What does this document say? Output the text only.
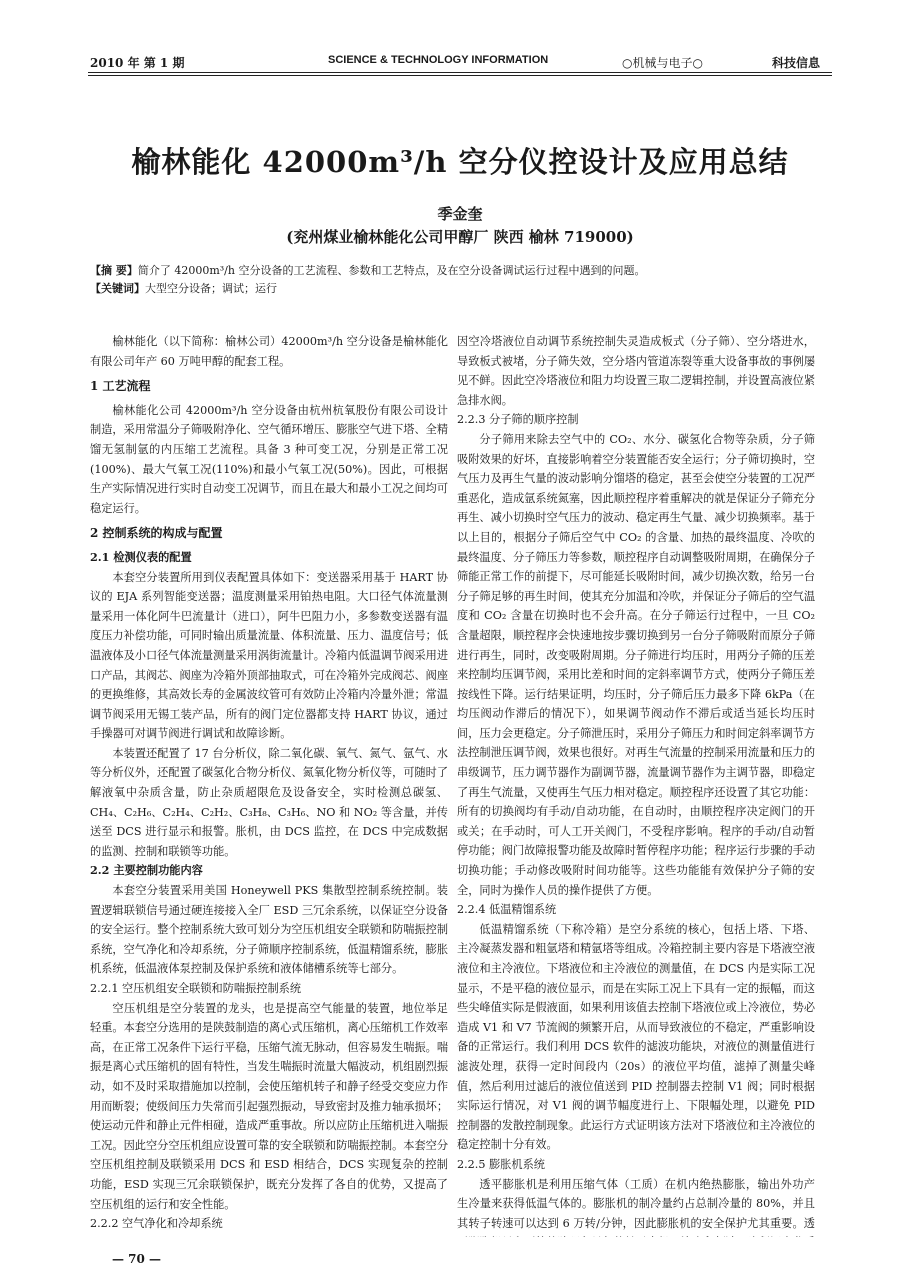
2010 年 第 1 期	SCIENCE & TECHNOLOGY INFORMATION	○机械与电子○	科技信息
榆林能化 42000m³/h 空分仪控设计及应用总结
季金奎
(兖州煤业榆林能化公司甲醇厂 陕西 榆林 719000)
【摘 要】简介了 42000m³/h 空分设备的工艺流程、参数和工艺特点，及在空分设备调试运行过程中遇到的问题。
【关键词】大型空分设备；调试；运行

榆林能化（以下简称：榆林公司）42000m³/h 空分设备是榆林能化有限公司年产 60 万吨甲醇的配套工程。

1 工艺流程

榆林能化公司 42000m³/h 空分设备由杭州杭氧股份有限公司设计制造，采用常温分子筛吸附净化、空气循环增压、膨胀空气进下塔、全精馏无氢制氩的内压缩工艺流程。具备 3 种可变工况，分别是正常工况(100%)、最大气氧工况(110%)和最小气氧工况(50%)。因此，可根据生产实际情况进行实时自动变工况调节，而且在最大和最小工况之间均可稳定运行。

2 控制系统的构成与配置

2.1 检测仪表的配置

本套空分装置所用到仪表配置具体如下：变送器采用基于 HART 协议的 EJA 系列智能变送器；温度测量采用铂热电阻。大口径气体流量测量采用一体化阿牛巴流量计（进口），阿牛巴阻力小，多参数变送器有温度压力补偿功能，可同时输出质量流量、体积流量、压力、温度信号；低温液体及小口径气体流量测量采用涡街流量计。冷箱内低温调节阀采用进口产品，其阀芯、阀座为冷箱外顶部抽取式，可在冷箱外完成阀芯、阀座的更换维修，其高效长寿的金属波纹管可有效防止冷箱内冷量外泄；常温调节阀采用无锡工装产品，所有的阀门定位器都支持 HART 协议，通过手操器可对调节阀进行调试和故障诊断。

本装置还配置了 17 台分析仪，除二氧化碳、氧气、氮气、氩气、水等分析仪外，还配置了碳氢化合物分析仪、氮氧化物分析仪等，可随时了解液氧中杂质含量，防止杂质超限危及设备安全，实时检测总碳氢、CH₄、C₂H₆、C₂H₄、C₂H₂、C₃H₈、C₃H₆、NO 和 NO₂ 等含量，并传送至 DCS 进行显示和报警。胀机，由 DCS 监控，在 DCS 中完成数据的监测、控制和联锁等功能。

2.2 主要控制功能内容

本套空分装置采用美国 Honeywell PKS 集散型控制系统控制。装置逻辑联锁信号通过硬连接接入全厂 ESD 三冗余系统，以保证空分设备的安全运行。整个控制系统大致可划分为空压机组安全联锁和防喘振控制系统，空气净化和冷却系统，分子筛顺序控制系统，低温精馏系统，膨胀机系统，低温液体泵控制及保护系统和液体储槽系统等七部分。

2.2.1 空压机组安全联锁和防喘振控制系统

空压机组是空分装置的龙头，也是提高空气能量的装置，地位举足轻重。本套空分选用的是陕鼓制造的离心式压缩机，离心压缩机工作效率高，在正常工况条件下运行平稳，压缩气流无脉动，但容易发生喘振。喘振是离心式压缩机的固有特性，当发生喘振时流量大幅波动，机组剧烈振动，如不及时采取措施加以控制，会使压缩机转子和静子经受交变应力作用而断裂；使级间压力失常而引起强烈振动，导致密封及推力轴承损坏；使运动元件和静止元件相碰，造成严重事故。所以应防止压缩机进入喘振工况。因此空分空压机组应设置可靠的安全联锁和防喘振控制。本套空分空压机组控制及联锁采用 DCS 和 ESD 相结合，DCS 实现复杂的控制功能，ESD 实现三冗余联锁保护，既充分发挥了各自的优势，又提高了空压机组的运行和安全性能。

2.2.2 空气净化和冷却系统

因空冷塔液位自动调节系统控制失灵造成板式（分子筛）、空分塔进水，导致板式被堵，分子筛失效，空分塔内管道冻裂等重大设备事故的事例屡见不鲜。因此空冷塔液位和阻力均设置三取二逻辑控制，并设置高液位紧急排水阀。

2.2.3 分子筛的顺序控制

分子筛用来除去空气中的 CO₂、水分、碳氢化合物等杂质，分子筛吸附效果的好坏，直接影响着空分装置能否安全运行；分子筛切换时，空气压力及再生气量的波动影响分馏塔的稳定，甚至会使空分装置的工况严重恶化，造成氩系统氮塞，因此顺控程序着重解决的就是保证分子筛充分再生、减小切换时空气压力的波动、稳定再生气量、减少切换频率。基于以上目的，根据分子筛后空气中 CO₂ 的含量、加热的最终温度、冷吹的最终温度、分子筛压力等参数，顺控程序自动调整吸附周期，在确保分子筛能正常工作的前提下，尽可能延长吸附时间，减少切换次数，给另一台分子筛足够的再生时间，使其充分加温和冷吹，并保证分子筛后的空气温度和 CO₂ 含量在切换时也不会升高。在分子筛运行过程中，一旦 CO₂ 含量超限，顺控程序会快速地按步骤切换到另一台分子筛吸附而原分子筛进行再生，同时，改变吸附周期。分子筛进行均压时，用两分子筛的压差来控制均压调节阀，采用比差和时间的定斜率调节方式，使两分子筛压差按线性下降。运行结果证明，均压时，分子筛后压力最多下降 6kPa（在均压阀动作滞后的情况下），如果调节阀动作不滞后或适当延长均压时间，压力会更稳定。分子筛泄压时，采用分子筛压力和时间定斜率调节方法控制泄压调节阀，效果也很好。对再生气流量的控制采用流量和压力的串级调节，压力调节器作为副调节器，流量调节器作为主调节器，即稳定了再生气流量，又使再生气压力相对稳定。顺控程序还设置了其它功能：所有的切换阀均有手动/自动功能，在自动时，由顺控程序决定阀门的开或关；在手动时，可人工开关阀门，不受程序影响。程序的手动/自动暂停功能；阀门故障报警功能及故障时暂停程序功能；程序运行步骤的手动切换功能；手动修改吸附时间功能等。这些功能能有效保护分子筛的安全，同时为操作人员的操作提供了方便。

2.2.4 低温精馏系统

低温精馏系统（下称冷箱）是空分系统的核心，包括上塔、下塔、主冷凝蒸发器和粗氩塔和精氩塔等组成。冷箱控制主要内容是下塔液空液液位和主冷液位。下塔液位和主冷液位的测量值，在 DCS 内是实际工况显示，不是平稳的液位显示，而是在实际工况上下具有一定的振幅，而这些尖峰值实际是假液面，如果利用该值去控制下塔液位或上冷液位，势必造成 V1 和 V7 节流阀的频繁开启，从而导致液位的不稳定，严重影响设备的正常运行。我们利用 DCS 软件的滤波功能块，对液位的测量值进行滤波处理，获得一定时间段内（20s）的液位平均值，滤掉了测量尖峰值，然后利用过滤后的液位值送到 PID 控制器去控制 V1 阀；同时根据实际运行情况，对 V1 阀的调节幅度进行上、下限幅处理，以避免 PID 控制器的发散控制现象。此运行方式证明该方法对下塔液位和主冷液位的稳定控制十分有效。

2.2.5 膨胀机系统

透平膨胀机是利用压缩气体（工质）在机内绝热膨胀，输出外功产生冷量来获得低温气体的。膨胀机的制冷量约占总制冷量的 80%，并且其转子转速可以达到 6 万转/分钟，因此膨胀机的安全保护尤其重要。透

— 70 —
